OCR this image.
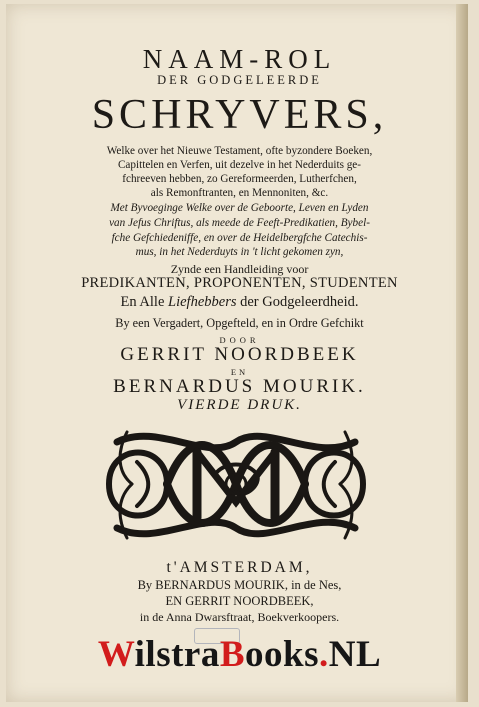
NAAM-ROL
DER GODGELEERDE
SCHRYVERS,
Welke over het Nieuwe Testament, ofte byzondere Boeken,
Capittelen en Verfen, uit dezelve in het Nederduits ge-
fchreeven hebben, zo Gereformeerden, Lutherfchen,
als Remonftranten, en Mennoniten, &c.
Met Byvoeginge Welke over de Geboorte, Leven en Lyden
van Jefus Chriftus, als meede de Feeft-Predikatien, Bybel-
fche Gefchiedeniffe, en over de Heidelbergfche Catechis-
mus, in het Nederduyts in 't licht gekomen zyn,
Zynde een Handleiding voor
PREDIKANTEN, PROPONENTEN, STUDENTEN
En Alle Liefhebbers der Godgeleerdheid.
By een Vergadert, Opgefteld, en in Ordre Gefchikt
DOOR
GERRIT NOORDBEEK
EN
BERNARDUS MOURIK.
VIERDE DRUK.
t'AMSTERDAM,
By BERNARDUS MOURIK, in de Nes,
EN GERRIT NOORDBEEK,
in de Anna Dwarsftraat, Boekverkoopers.
WilstraBooks.NL
